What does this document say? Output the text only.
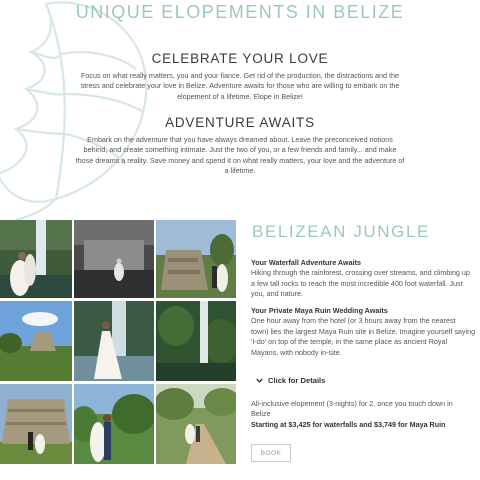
UNIQUE ELOPEMENTS IN BELIZE
CELEBRATE YOUR LOVE
Focus on what really matters, you and your fiance. Get rid of the production, the distractions and the
stress and celebrate your love in Belize. Adventure awaits for those who are willing to embark on the
elopement of a lifetime. Elope in Belize!
ADVENTURE AWAITS
Embark on the adventure that you have always dreamed about. Leave the preconceived notions
behind, and create something intimate. Just the two of you, or a few friends and family... and make
those dreams a reality. Save money and spend it on what really matters, your love and the adventure of
a lifetime.
BELIZEAN JUNGLE
Your Waterfall Adventure Awaits
Hiking through the rainforest, crossing over streams, and climbing up
a few tall rocks to reach the most incredible 400 foot waterfall. Just
you, and nature.
Your Private Maya Ruin Wedding Awaits
One hour away from the hotel (or 3 hours away from the nearest
town) lies the largest Maya Ruin site in Belize. Imagine yourself saying
'I-do' on top of the temple, in the same place as ancient Royal
Mayans, with nobody in-site.
Click for Details
All-inclusive elopement (3-nights) for 2, once you touch down in
Belize
Starting at $3,425 for waterfalls and $3,749 for Maya Ruin
BOOK
